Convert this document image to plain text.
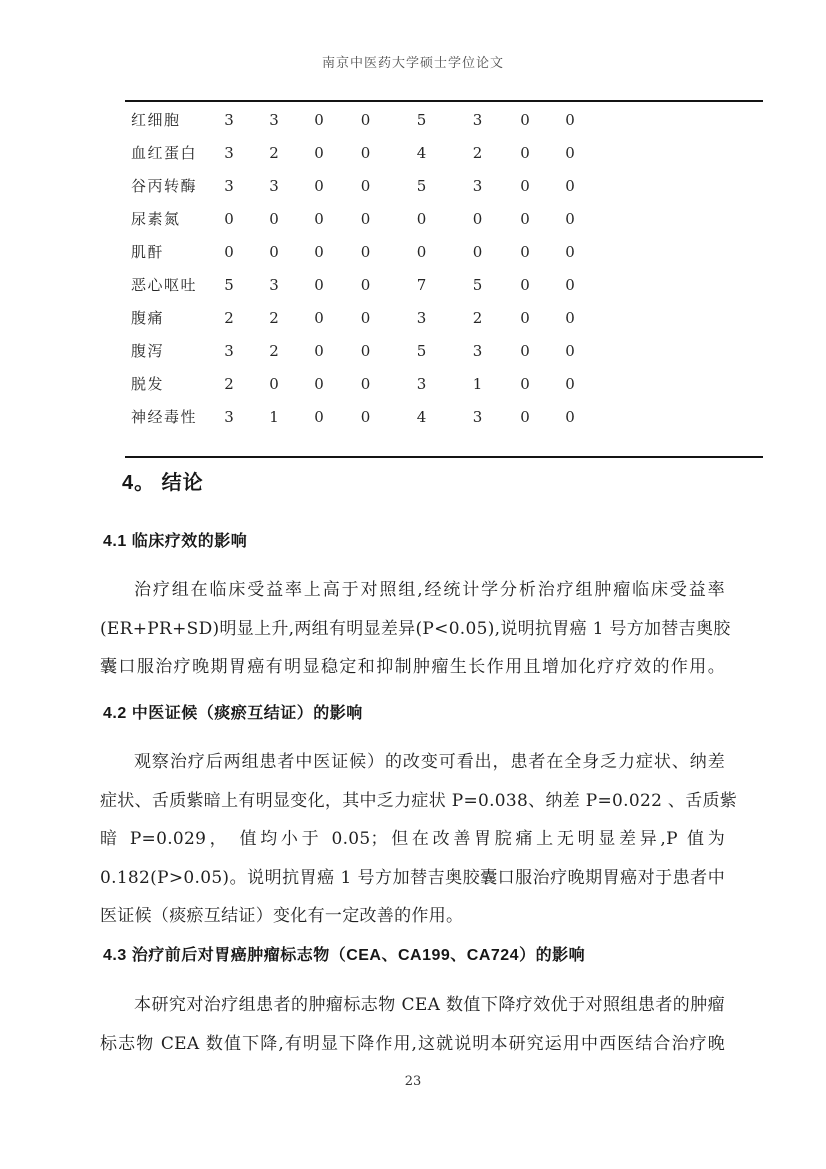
南京中医药大学硕士学位论文
红细胞	3	3	0	0	5	3	0	0
血红蛋白	3	2	0	0	4	2	0	0
谷丙转酶	3	3	0	0	5	3	0	0
尿素氮	0	0	0	0	0	0	0	0
肌酐	0	0	0	0	0	0	0	0
恶心呕吐	5	3	0	0	7	5	0	0
腹痛	2	2	0	0	3	2	0	0
腹泻	3	2	0	0	5	3	0	0
脱发	2	0	0	0	3	1	0	0
神经毒性	3	1	0	0	4	3	0	0
4。 结论
4.1 临床疗效的影响
治疗组在临床受益率上高于对照组,经统计学分析治疗组肿瘤临床受益率
(ER+PR+SD)明显上升,两组有明显差异(P<0.05),说明抗胃癌 1 号方加替吉奥胶
囊口服治疗晚期胃癌有明显稳定和抑制肿瘤生长作用且增加化疗疗效的作用。
4.2 中医证候（痰瘀互结证）的影响
观察治疗后两组患者中医证候）的改变可看出，患者在全身乏力症状、纳差
症状、舌质紫暗上有明显变化，其中乏力症状 P=0.038、纳差 P=0.022 、舌质紫
暗 P=0.029， 值均小于 0.05；但在改善胃脘痛上无明显差异,P 值为
0.182(P>0.05)。说明抗胃癌 1 号方加替吉奥胶囊口服治疗晚期胃癌对于患者中
医证候（痰瘀互结证）变化有一定改善的作用。
4.3 治疗前后对胃癌肿瘤标志物（CEA、CA199、CA724）的影响
本研究对治疗组患者的肿瘤标志物 CEA 数值下降疗效优于对照组患者的肿瘤
标志物 CEA 数值下降,有明显下降作用,这就说明本研究运用中西医结合治疗晚
23
